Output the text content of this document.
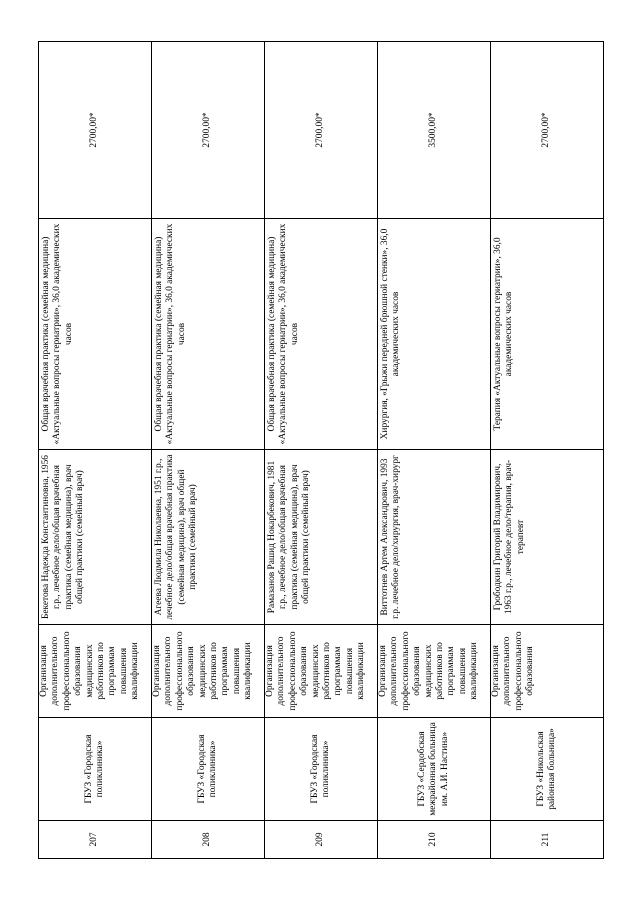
207	ГБУЗ «Городская поликлиника»	Организация дополнительного профессионального образования медицинских работников по программам повышения квалификации	Бекетова Надежда Константиновна, 1956 г.р., лечебное дело/общая врачебная практика (семейная медицина), врач общей практики (семейный врач)	Общая врачебная практика (семейная медицина) «Актуальные вопросы гериатрии», 36,0 академических часов	2700,00*
208	ГБУЗ «Городская поликлиника»	Организация дополнительного профессионального образования медицинских работников по программам повышения квалификации	Агеева Людмила Николаевна, 1951 г.р., лечебное дело/общая врачебная практика (семейная медицина), врач общей практики (семейный врач)	Общая врачебная практика (семейная медицина) «Актуальные вопросы гериатрии», 36,0 академических часов	2700,00*
209	ГБУЗ «Городская поликлиника»	Организация дополнительного профессионального образования медицинских работников по программам повышения квалификации	Рамазанов Рашид Нокарбекович, 1981 г.р., лечебное дело/общая врачебная практика (семейная медицина), врач общей практики (семейный врач)	Общая врачебная практика (семейная медицина) «Актуальные вопросы гериатрии», 36,0 академических часов	2700,00*
210	ГБУЗ «Сердобская межрайонная больница им. А.И. Настина»	Организация дополнительного профессионального образования медицинских работников по программам повышения квалификации	Виттотнев Артем Александрович, 1993 г.р. лечебное дело/хирургия, врач-хирург	Хирургия, «Грыжи передней брюшной стенки», 36,0 академических часов	3500,00*
211	ГБУЗ «Никольская районная больница»	Организация дополнительного профессионального образования	Грободкин Григорий Владимирович, 1963 г.р., лечебное дело/терапия, врач-терапевт	Терапия «Актуальные вопросы гериатрии», 36,0 академических часов	2700,00*
